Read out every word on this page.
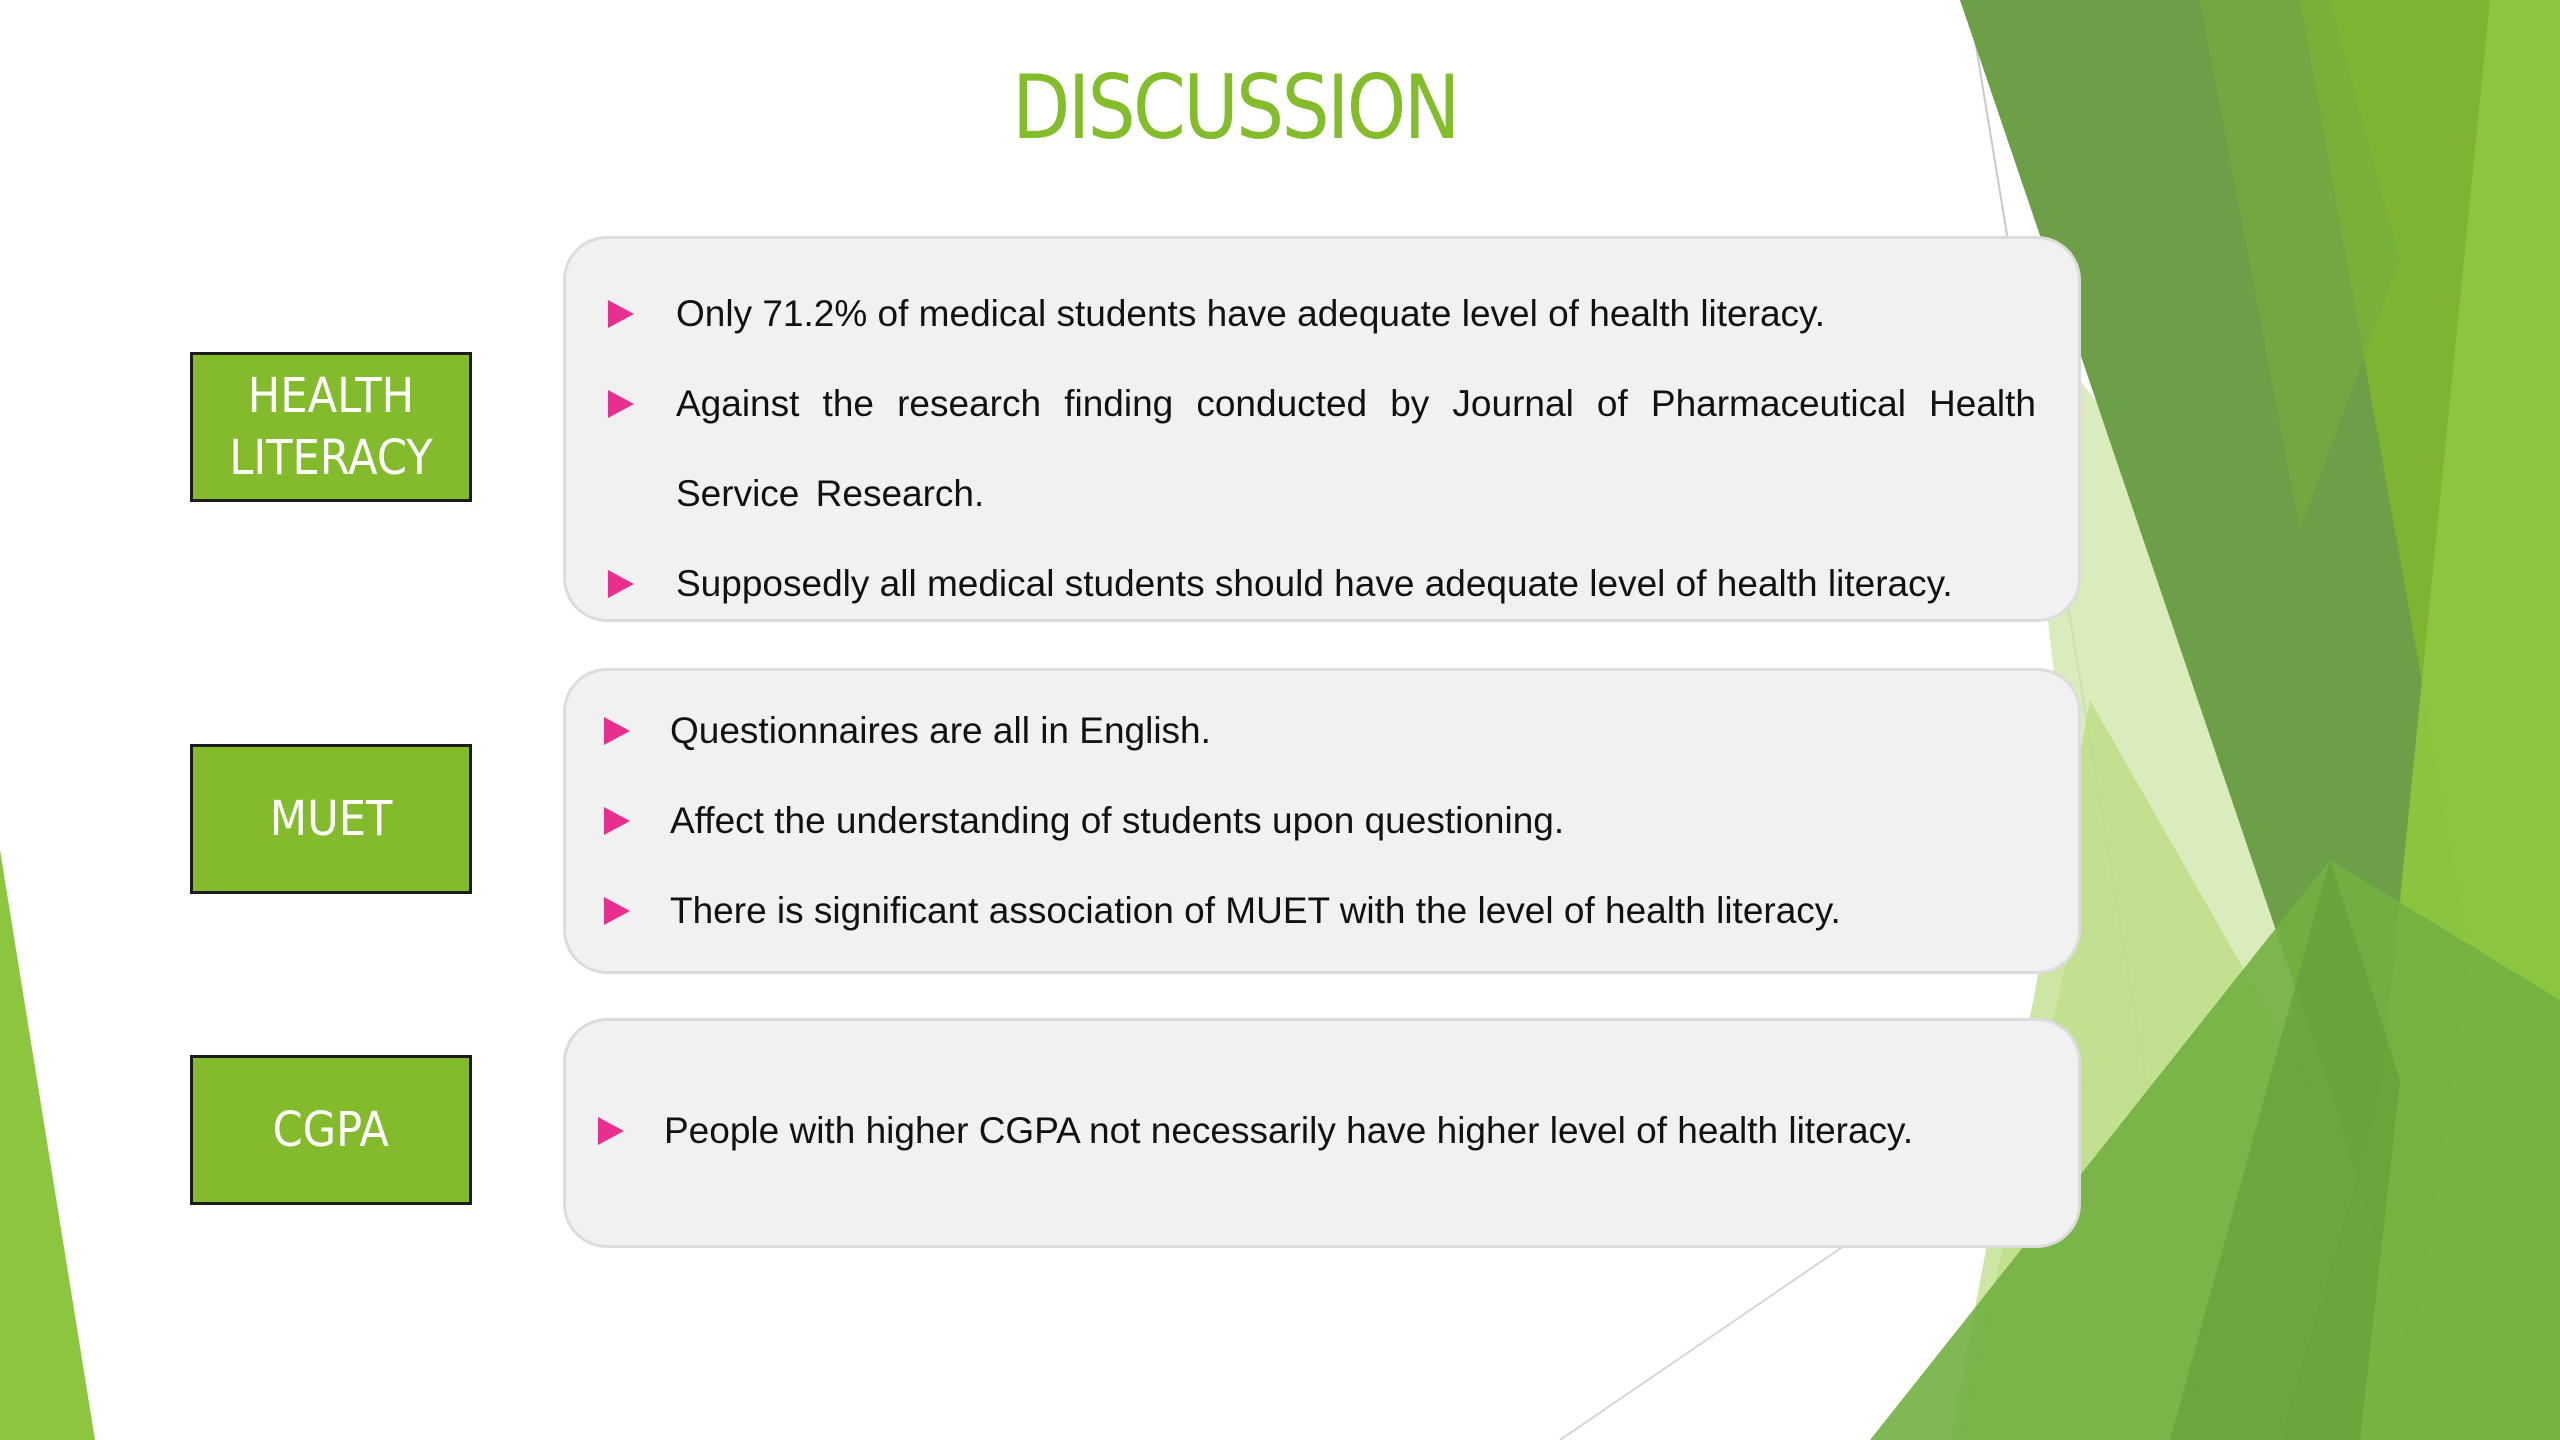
DISCUSSION
HEALTH
LITERACY
Only 71.2% of medical students have adequate level of health literacy.
Against the research finding conducted by Journal of Pharmaceutical Health Service Research.
Supposedly all medical students should have adequate level of health literacy.
MUET
Questionnaires are all in English.
Affect the understanding of students upon questioning.
There is significant association of MUET with the level of health literacy.
CGPA	People with higher CGPA not necessarily have higher level of health literacy.
